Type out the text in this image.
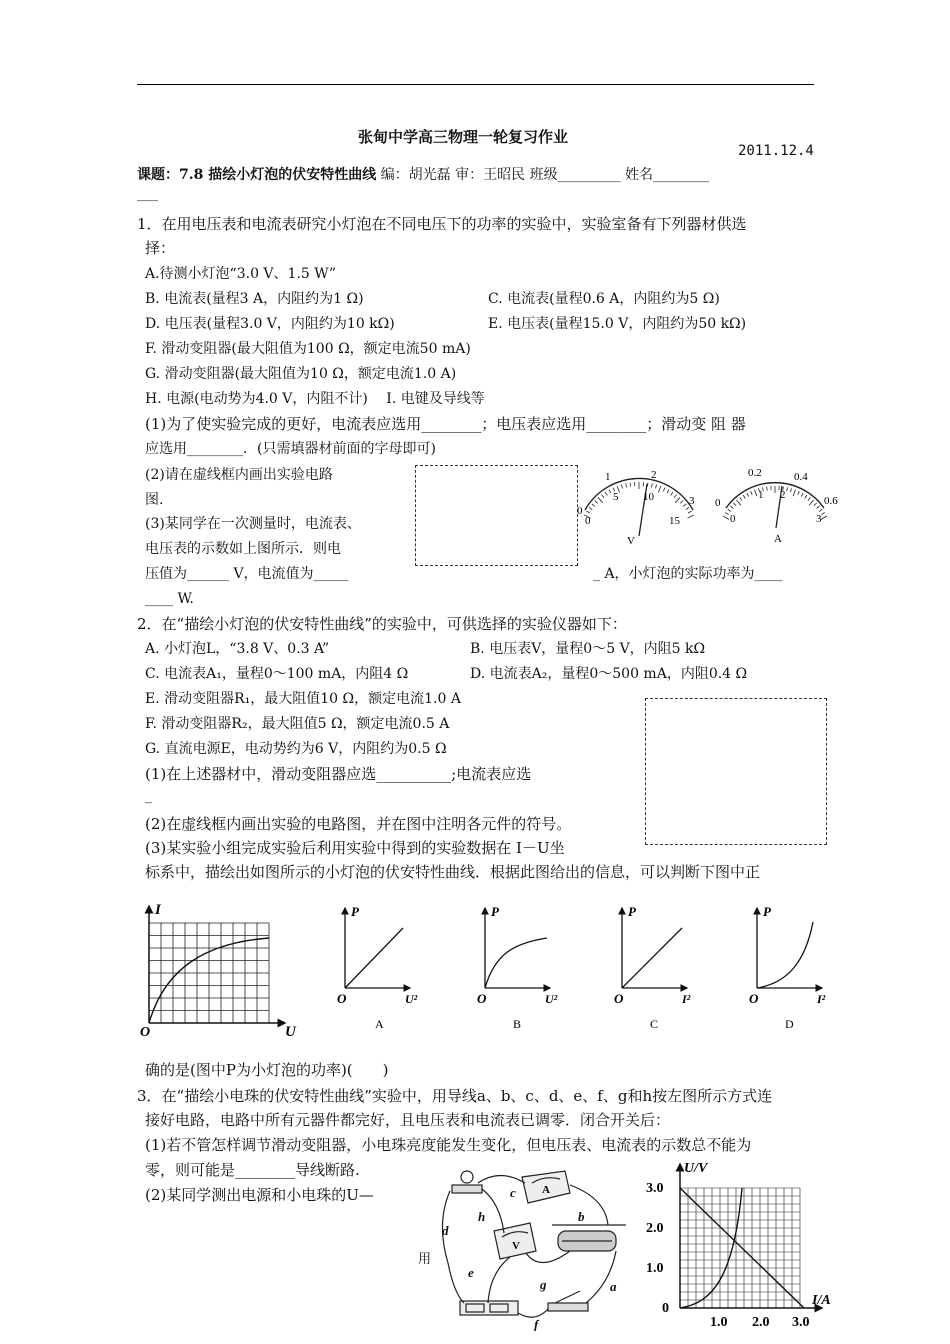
张甸中学高三物理一轮复习作业
2011.12.4
课题：7.8 描绘小灯泡的伏安特性曲线 编：胡光磊 审：王昭民 班级_________ 姓名________
___
1．在用电压表和电流表研究小灯泡在不同电压下的功率的实验中，实验室备有下列器材供选
择：
A.待测小灯泡“3.0 V、1.5 W”
B. 电流表(量程3 A，内阻约为1 Ω)	C. 电流表(量程0.6 A，内阻约为5 Ω)
D. 电压表(量程3.0 V，内阻约为10 kΩ)	E. 电压表(量程15.0 V，内阻约为50 kΩ)
F. 滑动变阻器(最大阻值为100 Ω，额定电流50 mA)
G. 滑动变阻器(最大阻值为10 Ω，额定电流1.0 A)
H. 电源(电动势为4.0 V，内阻不计)　 I. 电键及导线等
(1)为了使实验完成的更好，电流表应选用________；电压表应选用________；滑动变 阻 器
应选用________．(只需填器材前面的字母即可)
(2)请在虚线框内画出实验电路
图.
(3)某同学在一次测量时，电流表、
电压表的示数如上图所示．则电
压值为______ V，电流值为_____	_ A，小灯泡的实际功率为____
____ W.
1	2
10
5
0
3
0	15
V
0.2	0.4
1 2
0	0.6
0	3
A
2．在“描绘小灯泡的伏安特性曲线”的实验中，可供选择的实验仪器如下：
A. 小灯泡L，“3.8 V、0.3 A”	B. 电压表V，量程0～5 V，内阻5 kΩ
C. 电流表A₁，量程0～100 mA，内阻4 Ω	D. 电流表A₂，量程0～500 mA，内阻0.4 Ω
E. 滑动变阻器R₁，最大阻值10 Ω，额定电流1.0 A
F. 滑动变阻器R₂，最大阻值5 Ω，额定电流0.5 A
G. 直流电源E，电动势约为6 V，内阻约为0.5 Ω
(1)在上述器材中，滑动变阻器应选__________;电流表应选
_
(2)在虚线框内画出实验的电路图，并在图中注明各元件的符号。
(3)某实验小组完成实验后利用实验中得到的实验数据在 I－U坐
标系中，描绘出如图所示的小灯泡的伏安特性曲线．根据此图给出的信息，可以判断下图中正
I
U
O
P
U²
O
A
P
U²
O
B
P
I²
O
C
P
I²
O
D
确的是(图中P为小灯泡的功率)(　　)
3．在“描绘小电珠的伏安特性曲线”实验中，用导线a、b、c、d、e、f、g和h按左图所示方式连
接好电路，电路中所有元器件都完好，且电压表和电流表已调零．闭合开关后：
(1)若不管怎样调节滑动变阻器，小电珠亮度能发生变化，但电压表、电流表的示数总不能为
零，则可能是________导线断路.
(2)某同学测出电源和小电珠的U—
用
a
b
c
d
e
f
g
h
A
V
U/V
I/A
3.0
2.0
1.0
0
1.0 2.0 3.0
